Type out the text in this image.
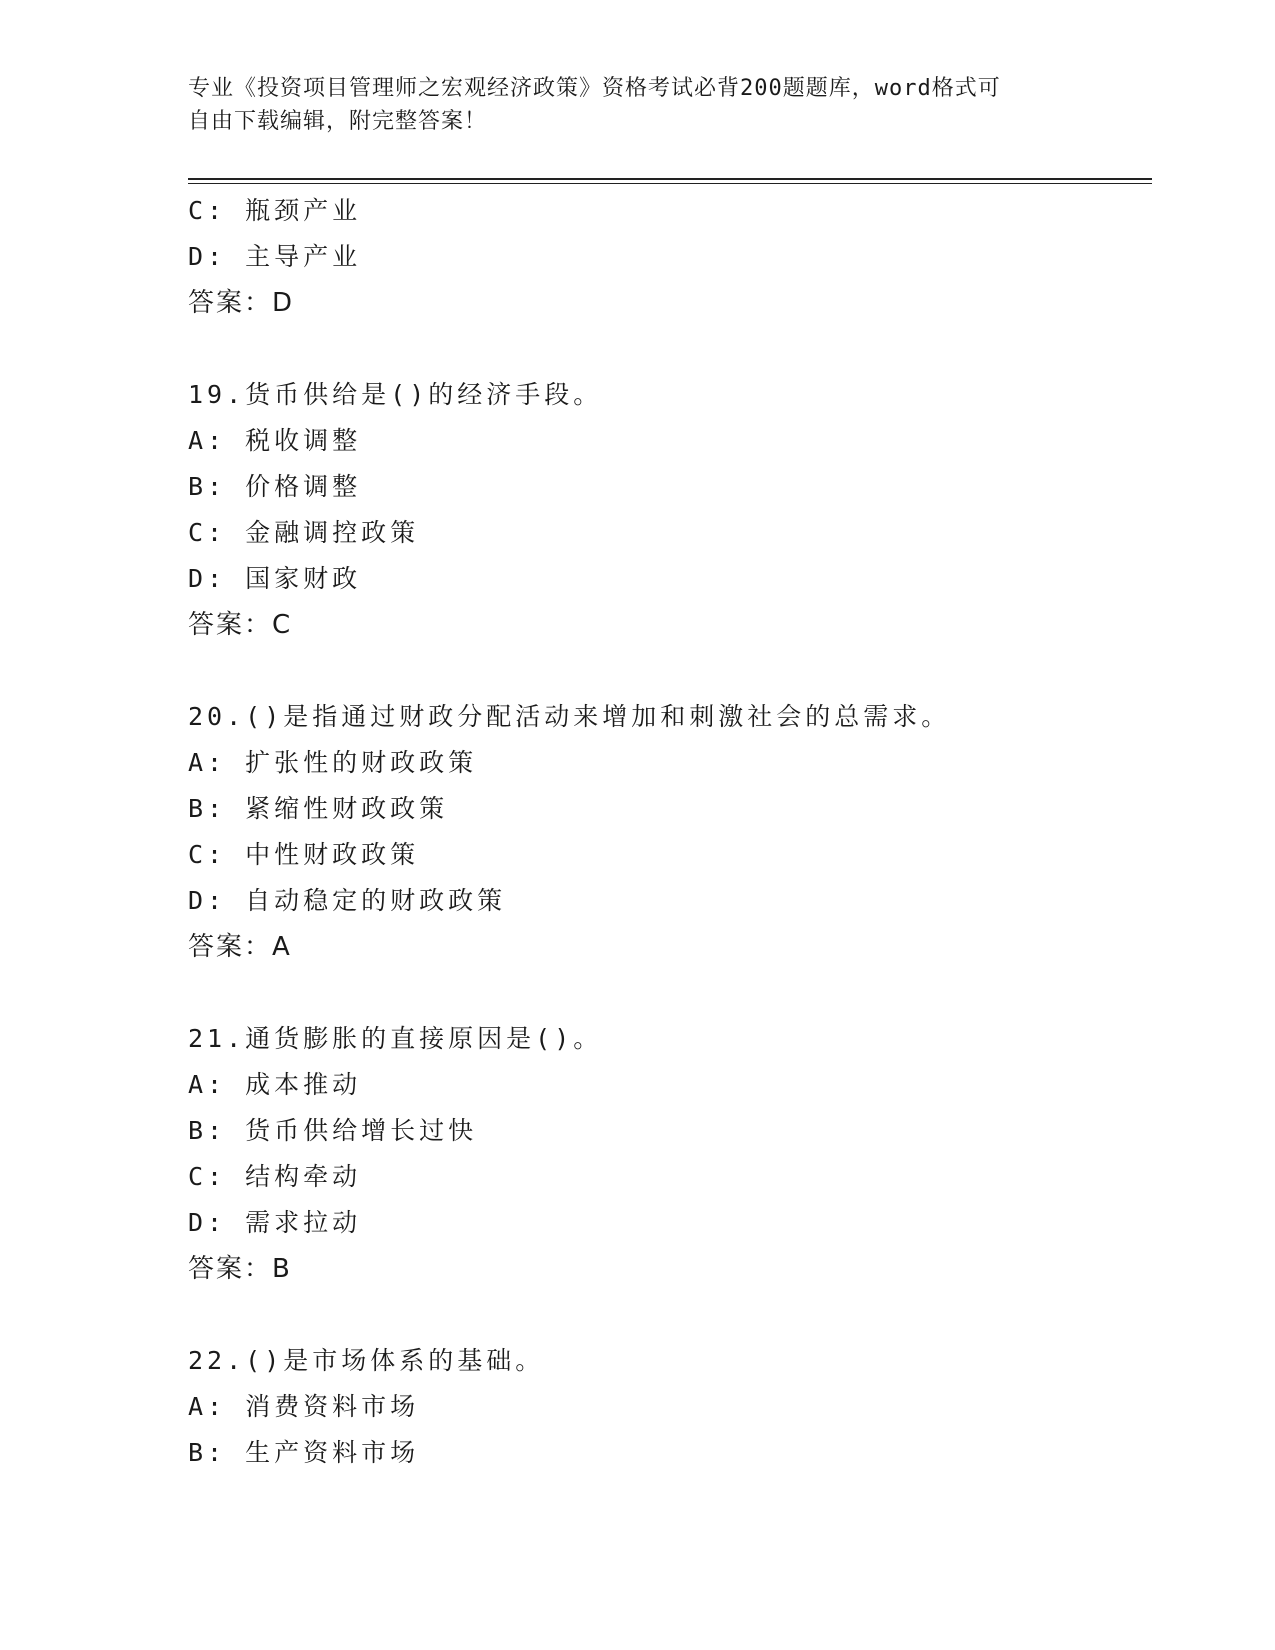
专业《投资项目管理师之宏观经济政策》资格考试必背200题题库，word格式可
自由下载编辑，附完整答案！
C: 瓶颈产业
D: 主导产业
答案：D
19.货币供给是()的经济手段。
A: 税收调整
B: 价格调整
C: 金融调控政策
D: 国家财政
答案：C
20.()是指通过财政分配活动来增加和刺激社会的总需求。
A: 扩张性的财政政策
B: 紧缩性财政政策
C: 中性财政政策
D: 自动稳定的财政政策
答案：A
21.通货膨胀的直接原因是()。
A: 成本推动
B: 货币供给增长过快
C: 结构牵动
D: 需求拉动
答案：B
22.()是市场体系的基础。
A: 消费资料市场
B: 生产资料市场
